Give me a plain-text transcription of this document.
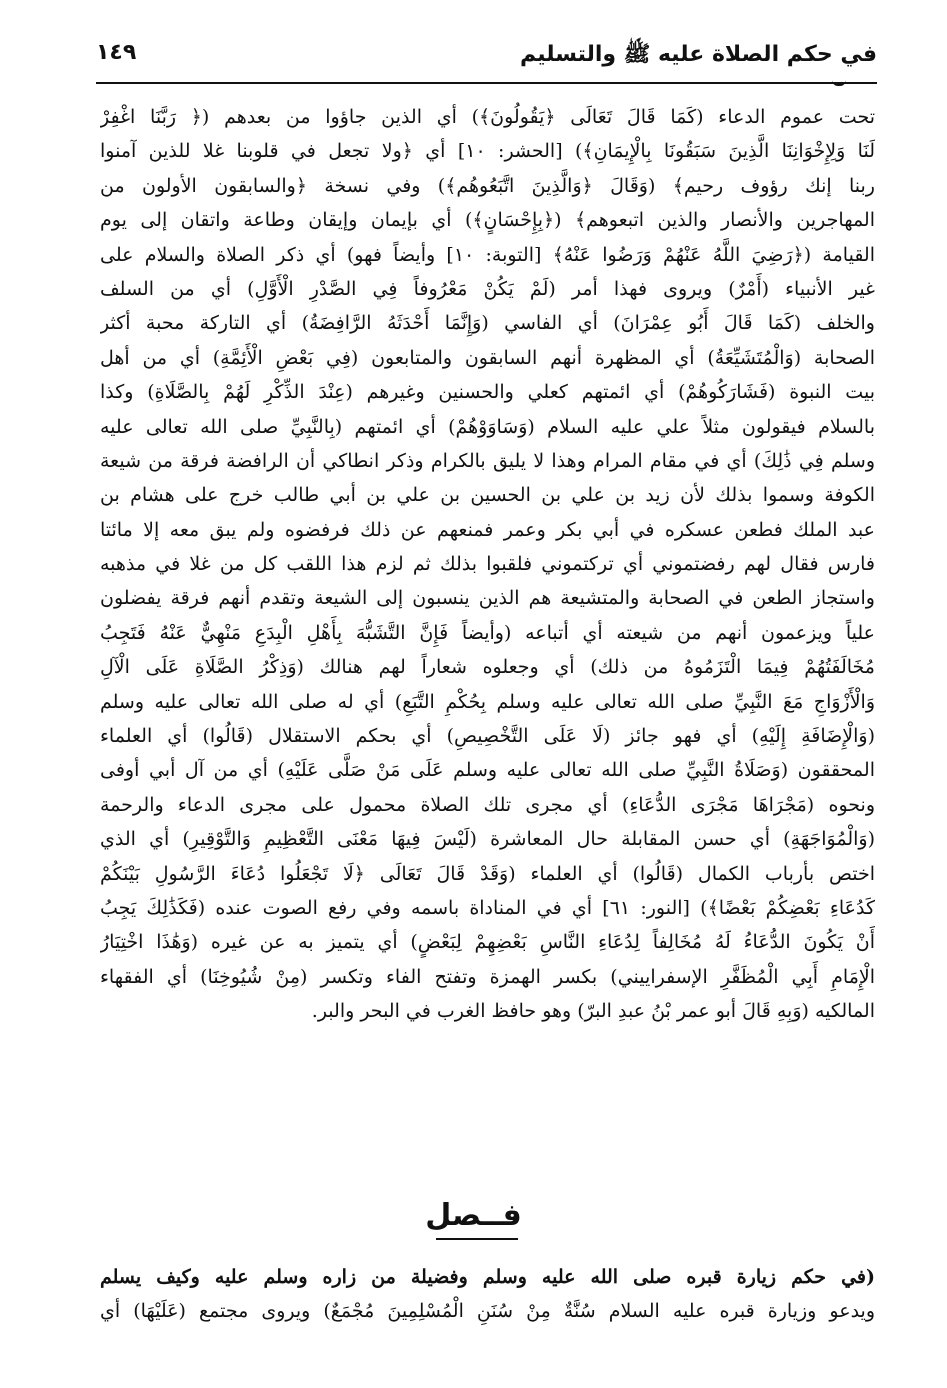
في حكم الصلاة عليه ﷺ والتسليم
١٤٩
تحت عموم الدعاء (كَمَا قَالَ تَعَالَى ﴿يَقُولُونَ﴾) أي الذين جاؤوا من بعدهم (﴿ رَبَّنَا اغْفِرْ
لَنَا وَلِإِخْوَانِنَا الَّذِينَ سَبَقُونَا بِالْإِيمَانِ﴾) [الحشر: ١٠] أي ﴿ولا تجعل في قلوبنا غلا للذين آمنوا
ربنا إنك رؤوف رحيم﴾ (وَقَالَ ﴿وَالَّذِينَ اتَّبَعُوهُم﴾) وفي نسخة ﴿والسابقون الأولون من
المهاجرين والأنصار والذين اتبعوهم﴾ (﴿بِإِحْسَانٍ﴾) أي بإيمان وإيقان وطاعة واتقان إلى يوم
القيامة (﴿رَضِيَ اللَّهُ عَنْهُمْ وَرَضُوا عَنْهُ﴾ [التوبة: ١٠] وأيضاً فهو) أي ذكر الصلاة والسلام على
غير الأنبياء (أَمْرٌ) ويروى فهذا أمر (لَمْ يَكُنْ مَعْرُوفاً فِي الصَّدْرِ الْأَوَّلِ) أي من السلف
والخلف (كَمَا قَالَ أَبُو عِمْرَانَ) أي الفاسي (وَإِنَّمَا أَحْدَثَهُ الرَّافِضَةُ) أي التاركة محبة أكثر
الصحابة (وَالْمُتَشَيِّعَةُ) أي المظهرة أنهم السابقون والمتابعون (فِي بَعْضِ الْأَئِمَّةِ) أي من أهل
بيت النبوة (فَشَارَكُوهُمْ) أي ائمتهم كعلي والحسنين وغيرهم (عِنْدَ الذِّكْرِ لَهُمْ بِالصَّلَاةِ) وكذا
بالسلام فيقولون مثلاً علي عليه السلام (وَسَاوَوْهُمْ) أي ائمتهم (بِالنَّبِيِّ صلى الله تعالى عليه
وسلم فِي ذَٰلِكَ) أي في مقام المرام وهذا لا يليق بالكرام وذكر انطاكي أن الرافضة فرقة من شيعة
الكوفة وسموا بذلك لأن زيد بن علي بن الحسين بن علي بن أبي طالب خرج على هشام بن
عبد الملك فطعن عسكره في أبي بكر وعمر فمنعهم عن ذلك فرفضوه ولم يبق معه إلا مائتا
فارس فقال لهم رفضتموني أي تركتموني فلقبوا بذلك ثم لزم هذا اللقب كل من غلا في مذهبه
واستجاز الطعن في الصحابة والمتشيعة هم الذين ينسبون إلى الشيعة وتقدم أنهم فرقة يفضلون
علياً ويزعمون أنهم من شيعته أي أتباعه (وأيضاً فَإِنَّ التَّشَبُّهَ بِأَهْلِ الْبِدَعِ مَنْهِيٌّ عَنْهُ فَتَجِبُ
مُخَالَفَتُهُمْ فِيمَا الْتَزَمُوهُ من ذلك) أي وجعلوه شعاراً لهم هنالك (وَذِكْرُ الصَّلَاةِ عَلَى الْآلِ
وَالْأَزْوَاجِ مَعَ النَّبِيِّ صلى الله تعالى عليه وسلم بِحُكْمِ التَّبَعِ) أي له صلى الله تعالى عليه وسلم
(وَالْإِضَافَةِ إِلَيْهِ) أي فهو جائز (لَا عَلَى التَّخْصِيصِ) أي بحكم الاستقلال (قَالُوا) أي العلماء
المحققون (وَصَلَاةُ النَّبِيِّ صلى الله تعالى عليه وسلم عَلَى مَنْ صَلَّى عَلَيْهِ) أي من آل أبي أوفى
ونحوه (مَجْرَاهَا مَجْرَى الدُّعَاءِ) أي مجرى تلك الصلاة محمول على مجرى الدعاء والرحمة
(وَالْمُوَاجَهَةِ) أي حسن المقابلة حال المعاشرة (لَيْسَ فِيهَا مَعْنَى التَّعْظِيمِ وَالتَّوْقِيرِ) أي الذي
اختص بأرباب الكمال (قَالُوا) أي العلماء (وَقَدْ قَالَ تَعَالَى ﴿لَا تَجْعَلُوا دُعَاءَ الرَّسُولِ بَيْنَكُمْ
كَدُعَاءِ بَعْضِكُمْ بَعْضًا﴾) [النور: ٦١] أي في المناداة باسمه وفي رفع الصوت عنده (فَكَذَٰلِكَ يَجِبُ
أَنْ يَكُونَ الدُّعَاءُ لَهُ مُخَالِفاً لِدُعَاءِ النَّاسِ بَعْضِهِمْ لِبَعْضٍ) أي يتميز به عن غيره (وَهَٰذَا اخْتِيَارُ
الْإِمَامِ أَبِي الْمُظَفَّرِ الإسفراييني) بكسر الهمزة وتفتح الفاء وتكسر (مِنْ شُيُوخِنَا) أي الفقهاء
المالكيه (وَبِهِ قَالَ أبو عمر بْنُ عبدِ البرّ) وهو حافظ الغرب في البحر والبر.
فــصل
(في حكم زيارة قبره صلى الله عليه وسلم وفضيلة من زاره وسلم عليه وكيف يسلم
ويدعو وزيارة قبره عليه السلام سُنَّةٌ مِنْ سُنَنِ الْمُسْلِمِينَ مُجْمَعٌ) ويروى مجتمع (عَلَيْهَا) أي
